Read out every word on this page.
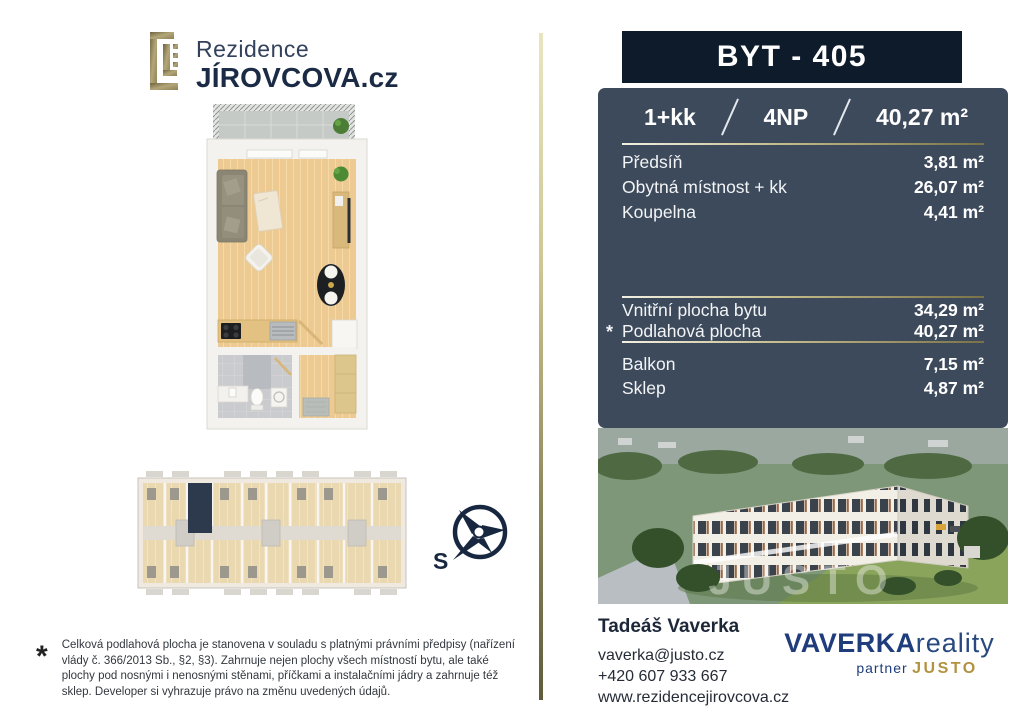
Rezidence
JÍROVCOVA.cz
S
* Celková podlahová plocha je stanovena v souladu s platnými právními předpisy (nařízení vlády č. 366/2013 Sb., §2, §3). Zahrnuje nejen plochy všech místností bytu, ale také plochy pod nosnými i nenosnými stěnami, příčkami a instalačními jádry a zahrnuje též sklep. Developer si vyhrazuje právo na změnu uvedených údajů.
BYT - 405
1+kk	4NP	40,27 m²
Předsíň	3,81 m²
Obytná místnost + kk	26,07 m²
Koupelna	4,41 m²
Vnitřní plocha bytu	34,29 m²
* Podlahová plocha	40,27 m²
Balkon	7,15 m²
Sklep	4,87 m²
JUSTO
Tadeáš Vaverka
vaverka@justo.cz
+420 607 933 667
www.rezidencejirovcova.cz
VAVERKAreality
partner JUSTO
